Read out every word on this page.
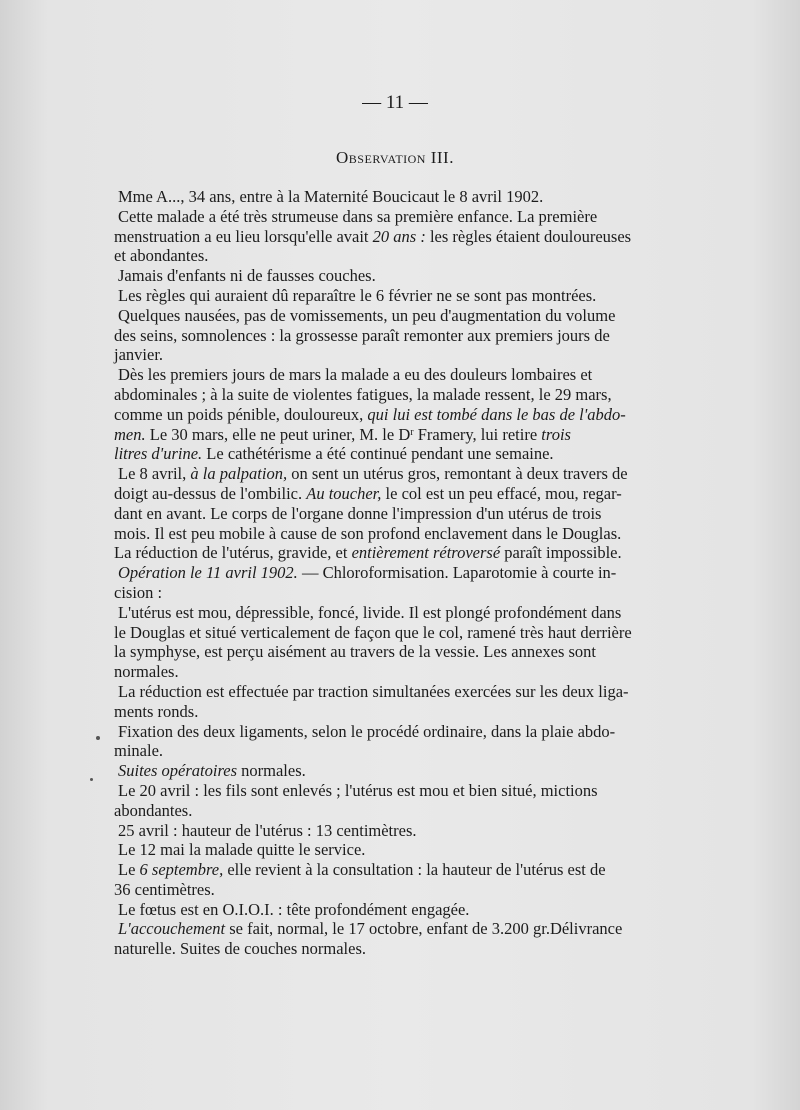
— 11 —
Observation III.

Mme A..., 34 ans, entre à la Maternité Boucicaut le 8 avril 1902.

Cette malade a été très strumeuse dans sa première enfance. La première

menstruation a eu lieu lorsqu'elle avait 20 ans : les règles étaient douloureuses

et abondantes.

Jamais d'enfants ni de fausses couches.

Les règles qui auraient dû reparaître le 6 février ne se sont pas montrées.

Quelques nausées, pas de vomissements, un peu d'augmentation du volume

des seins, somnolences : la grossesse paraît remonter aux premiers jours de

janvier.

Dès les premiers jours de mars la malade a eu des douleurs lombaires et

abdominales ; à la suite de violentes fatigues, la malade ressent, le 29 mars,

comme un poids pénible, douloureux, qui lui est tombé dans le bas de l'abdo-

men. Le 30 mars, elle ne peut uriner, M. le $D^r$ Framery, lui retire trois

litres d'urine. Le cathétérisme a été continué pendant une semaine.

Le 8 avril, à la palpation, on sent un utérus gros, remontant à deux travers de

doigt au-dessus de l'ombilic. Au toucher, le col est un peu effacé, mou, regar-

dant en avant. Le corps de l'organe donne l'impression d'un utérus de trois

mois. Il est peu mobile à cause de son profond enclavement dans le Douglas.

La réduction de l'utérus, gravide, et entièrement rétroversé paraît impossible.

Opération le 11 avril 1902. — Chloroformisation. Laparotomie à courte in-

cision :

L'utérus est mou, dépressible, foncé, livide. Il est plongé profondément dans

le Douglas et situé verticalement de façon que le col, ramené très haut derrière

la symphyse, est perçu aisément au travers de la vessie. Les annexes sont

normales.

La réduction est effectuée par traction simultanées exercées sur les deux liga-

ments ronds.

Fixation des deux ligaments, selon le procédé ordinaire, dans la plaie abdo-

minale.

Suites opératoires normales.

Le 20 avril : les fils sont enlevés ; l'utérus est mou et bien situé, mictions

abondantes.

25 avril : hauteur de l'utérus : 13 centimètres.

Le 12 mai la malade quitte le service.

Le 6 septembre, elle revient à la consultation : la hauteur de l'utérus est de

36 centimètres.

Le fœtus est en O.I.O.I. : tête profondément engagée.

L'accouchement se fait, normal, le 17 octobre, enfant de 3.200 gr.Délivrance

naturelle. Suites de couches normales.
